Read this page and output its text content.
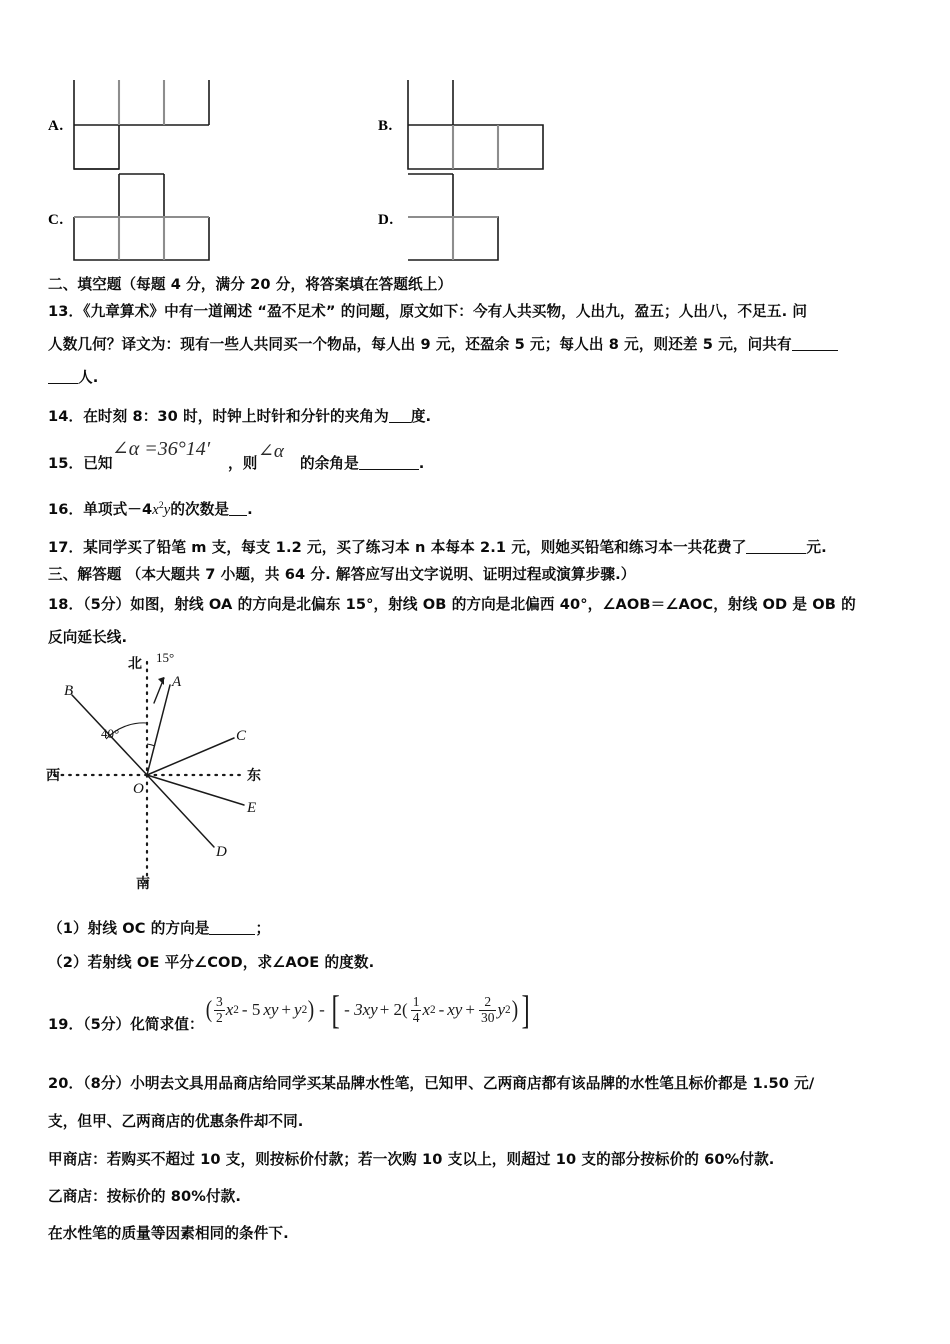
A.	B.
C.	D.
二、填空题（每题 4 分，满分 20 分，将答案填在答题纸上）
13．《九章算术》中有一道阐述 “盈不足术” 的问题，原文如下：今有人共买物，人出九，盈五；人出八，不足五. 问
人数几何？译文为：现有一些人共同买一个物品，每人出 9 元，还盈余 5 元；每人出 8 元，则还差 5 元，问共有
人.
14．在时刻 8：30 时，时钟上时针和分针的夹角为 度.
15．已知
∠α =36°14′
，则
∠α
的余角是	.
16．单项式$-4x^2y$的次数是 .
17．某同学买了铅笔 m 支，每支 1.2 元，买了练习本 n 本每本 2.1 元，则她买铅笔和练习本一共花费了	元.
三、解答题 （本大题共 7 小题，共 64 分. 解答应写出文字说明、证明过程或演算步骤.）
18．（5分）如图，射线 OA 的方向是北偏东 15°，射线 OB 的方向是北偏西 40°，∠AOB＝∠AOC，射线 OD 是 OB 的
反向延长线.
北 15°
A
B
40°
西	东
O
C
E
D
南
（1）射线 OC 的方向是	；
（2）若射线 OE 平分∠COD，求∠AOE 的度数.
19．（5分）化简求值：
( $\frac{3}{2}$ x 2 - 5 xy + y 2 ) - [ - $3xy + 2( \frac{1}{4}$ x 2 - xy + $\frac{2}{30}$ y 2 ) ]
20．（8分）小明去文具用品商店给同学买某品牌水性笔，已知甲、乙两商店都有该品牌的水性笔且标价都是 1.50 元/
支，但甲、乙两商店的优惠条件却不同.
甲商店：若购买不超过 10 支，则按标价付款；若一次购 10 支以上，则超过 10 支的部分按标价的 60%付款.
乙商店：按标价的 80%付款.
在水性笔的质量等因素相同的条件下.
